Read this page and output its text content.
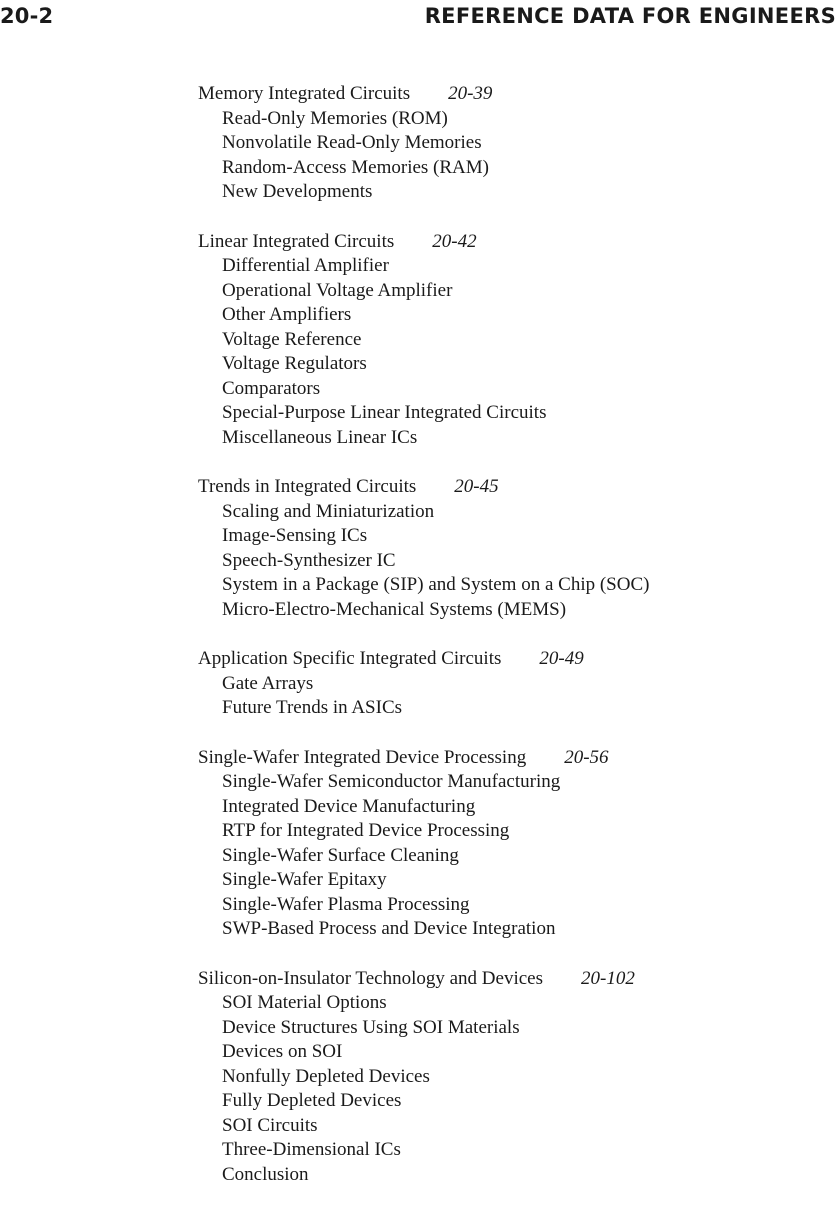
20-2	REFERENCE DATA FOR ENGINEERS
Memory Integrated Circuits 20-39
Read-Only Memories (ROM)
Nonvolatile Read-Only Memories
Random-Access Memories (RAM)
New Developments
Linear Integrated Circuits 20-42
Differential Amplifier
Operational Voltage Amplifier
Other Amplifiers
Voltage Reference
Voltage Regulators
Comparators
Special-Purpose Linear Integrated Circuits
Miscellaneous Linear ICs
Trends in Integrated Circuits 20-45
Scaling and Miniaturization
Image-Sensing ICs
Speech-Synthesizer IC
System in a Package (SIP) and System on a Chip (SOC)
Micro-Electro-Mechanical Systems (MEMS)
Application Specific Integrated Circuits 20-49
Gate Arrays
Future Trends in ASICs
Single-Wafer Integrated Device Processing 20-56
Single-Wafer Semiconductor Manufacturing
Integrated Device Manufacturing
RTP for Integrated Device Processing
Single-Wafer Surface Cleaning
Single-Wafer Epitaxy
Single-Wafer Plasma Processing
SWP-Based Process and Device Integration
Silicon-on-Insulator Technology and Devices 20-102
SOI Material Options
Device Structures Using SOI Materials
Devices on SOI
Nonfully Depleted Devices
Fully Depleted Devices
SOI Circuits
Three-Dimensional ICs
Conclusion
